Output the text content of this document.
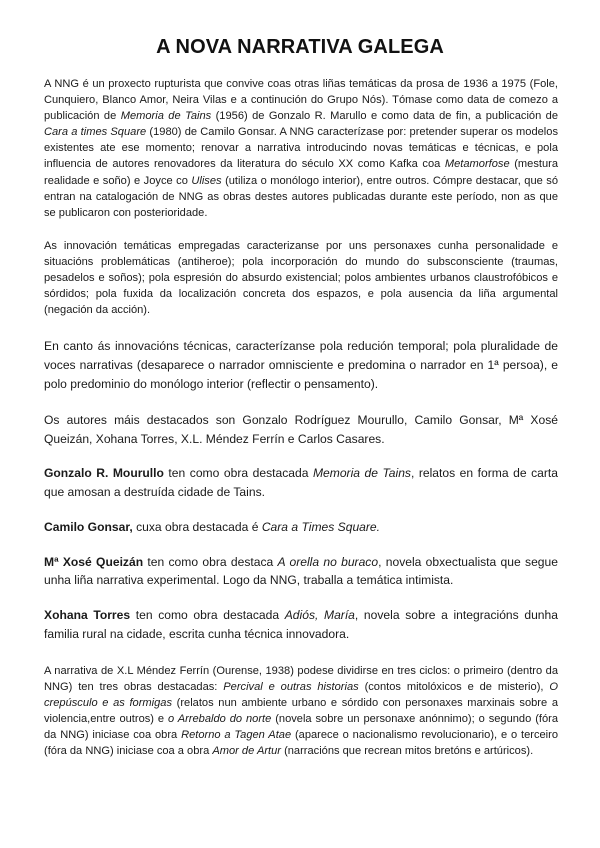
A NOVA NARRATIVA GALEGA

A NNG é un proxecto rupturista que convive coas otras liñas temáticas da prosa de 1936 a 1975 (Fole, Cunquiero, Blanco Amor, Neira Vilas e a continución do Grupo Nós). Tómase como data de comezo a publicación de Memoria de Tains (1956) de Gonzalo R. Marullo e como data de fin, a publicación de Cara a times Square (1980) de Camilo Gonsar. A NNG caracterízase por: pretender superar os modelos existentes ate ese momento; renovar a narrativa introducindo novas temáticas e técnicas, e pola influencia de autores renovadores da literatura do século XX como Kafka coa Metamorfose (mestura realidade e soño) e Joyce co Ulises (utiliza o monólogo interior), entre outros. Cómpre destacar, que só entran na catalogación de NNG as obras destes autores publicadas durante este período, non as que se publicaron con posterioridade.

As innovación temáticas empregadas caracterizanse por uns personaxes cunha personalidade e situacións problemáticas (antiheroe); pola incorporación do mundo do subsconsciente (traumas, pesadelos e soños); pola espresión do absurdo existencial; polos ambientes urbanos claustrofóbicos e sórdidos; pola fuxida da localización concreta dos espazos, e pola ausencia da liña argumental (negación da acción).

En canto ás innovacións técnicas, caracterízanse pola redución temporal; pola pluralidade de voces narrativas (desaparece o narrador omnisciente e predomina o narrador en 1ª persoa), e polo predominio do monólogo interior (reflectir o pensamento).

Os autores máis destacados son Gonzalo Rodríguez Mourullo, Camilo Gonsar, Mª Xosé Queizán, Xohana Torres, X.L. Méndez Ferrín e Carlos Casares.

Gonzalo R. Mourullo ten como obra destacada Memoria de Tains, relatos en forma de carta que amosan a destruída cidade de Tains.

Camilo Gonsar, cuxa obra destacada é Cara a Times Square.

Mª Xosé Queizán ten como obra destaca A orella no buraco, novela obxectualista que segue unha liña narrativa experimental. Logo da NNG, traballa a temática intimista.

Xohana Torres ten como obra destacada Adiós, María, novela sobre a integracións dunha familia rural na cidade, escrita cunha técnica innovadora.

A narrativa de X.L Méndez Ferrín (Ourense, 1938) podese dividirse en tres ciclos: o primeiro (dentro da NNG) ten tres obras destacadas: Percival e outras historias (contos mitolóxicos e de misterio), O crepúsculo e as formigas (relatos nun ambiente urbano e sórdido con personaxes marxinais sobre a violencia,entre outros) e o Arrebaldo do norte (novela sobre un personaxe anónnimo); o segundo (fóra da NNG) iniciase coa obra Retorno a Tagen Atae (aparece o nacionalismo revolucionario), e o terceiro (fóra da NNG) iniciase coa a obra Amor de Artur (narracións que recrean mitos bretóns e artúricos).
